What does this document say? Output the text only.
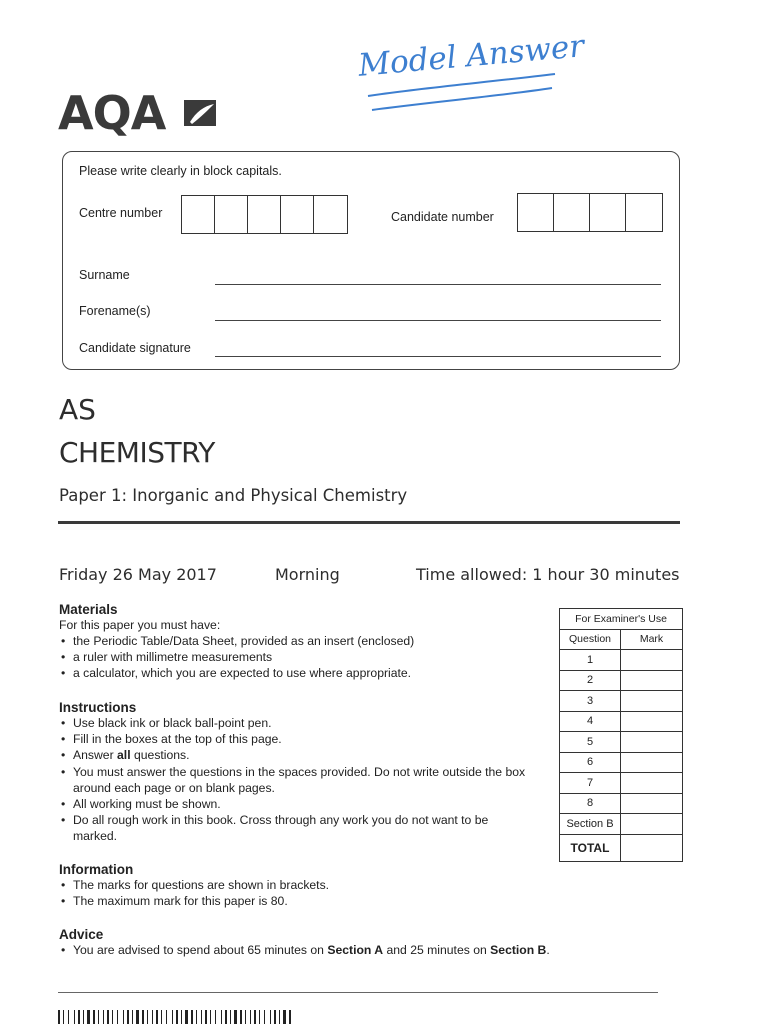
Model Answer
AQA
Please write clearly in block capitals.
Centre number	Candidate number
Surname
Forename(s)
Candidate signature
AS
CHEMISTRY
Paper 1: Inorganic and Physical Chemistry
Friday 26 May 2017	Morning	Time allowed: 1 hour 30 minutes
Materials
For this paper you must have:
• the Periodic Table/Data Sheet, provided as an insert (enclosed)
• a ruler with millimetre measurements
• a calculator, which you are expected to use where appropriate.
Instructions
• Use black ink or black ball-point pen.
• Fill in the boxes at the top of this page.
• Answer all questions.
• You must answer the questions in the spaces provided. Do not write outside the box around each page or on blank pages.
• All working must be shown.
• Do all rough work in this book. Cross through any work you do not want to be marked.
Information
• The marks for questions are shown in brackets.
• The maximum mark for this paper is 80.
Advice
• You are advised to spend about 65 minutes on Section A and 25 minutes on Section B.
For Examiner's Use	
Question	Mark
1	
2	
3	
4	
5	
6	
7	
8	
Section B	
TOTAL	
